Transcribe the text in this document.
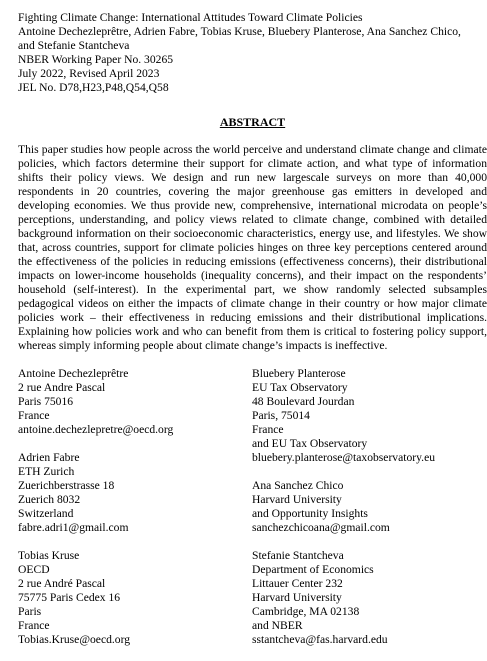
Fighting Climate Change: International Attitudes Toward Climate Policies
Antoine Dechezleprêtre, Adrien Fabre, Tobias Kruse, Bluebery Planterose, Ana Sanchez Chico,
and Stefanie Stantcheva
NBER Working Paper No. 30265
July 2022, Revised April 2023
JEL No. D78,H23,P48,Q54,Q58
ABSTRACT

This paper studies how people across the world perceive and understand climate change and climate policies, which factors determine their support for climate action, and what type of information shifts their policy views. We design and run new largescale surveys on more than 40,000 respondents in 20 countries, covering the major greenhouse gas emitters in developed and developing economies. We thus provide new, comprehensive, international microdata on people’s perceptions, understanding, and policy views related to climate change, combined with detailed background information on their socioeconomic characteristics, energy use, and lifestyles. We show that, across countries, support for climate policies hinges on three key perceptions centered around the effectiveness of the policies in reducing emissions (effectiveness concerns), their distributional impacts on lower-income households (inequality concerns), and their impact on the respondents’ household (self-interest). In the experimental part, we show randomly selected subsamples pedagogical videos on either the impacts of climate change in their country or how major climate policies work – their effectiveness in reducing emissions and their distributional implications. Explaining how policies work and who can benefit from them is critical to fostering policy support, whereas simply informing people about climate change’s impacts is ineffective.

Antoine Dechezleprêtre
2 rue Andre Pascal
Paris 75016
France
antoine.dechezlepretre@oecd.org
Adrien Fabre
ETH Zurich
Zuerichberstrasse 18
Zuerich 8032
Switzerland
fabre.adri1@gmail.com
Tobias Kruse
OECD
2 rue André Pascal
75775 Paris Cedex 16
Paris
France
Tobias.Kruse@oecd.org
Bluebery Planterose
EU Tax Observatory
48 Boulevard Jourdan
Paris, 75014
France
and EU Tax Observatory
bluebery.planterose@taxobservatory.eu
Ana Sanchez Chico
Harvard University
and Opportunity Insights
sanchezchicoana@gmail.com
Stefanie Stantcheva
Department of Economics
Littauer Center 232
Harvard University
Cambridge, MA 02138
and NBER
sstantcheva@fas.harvard.edu
